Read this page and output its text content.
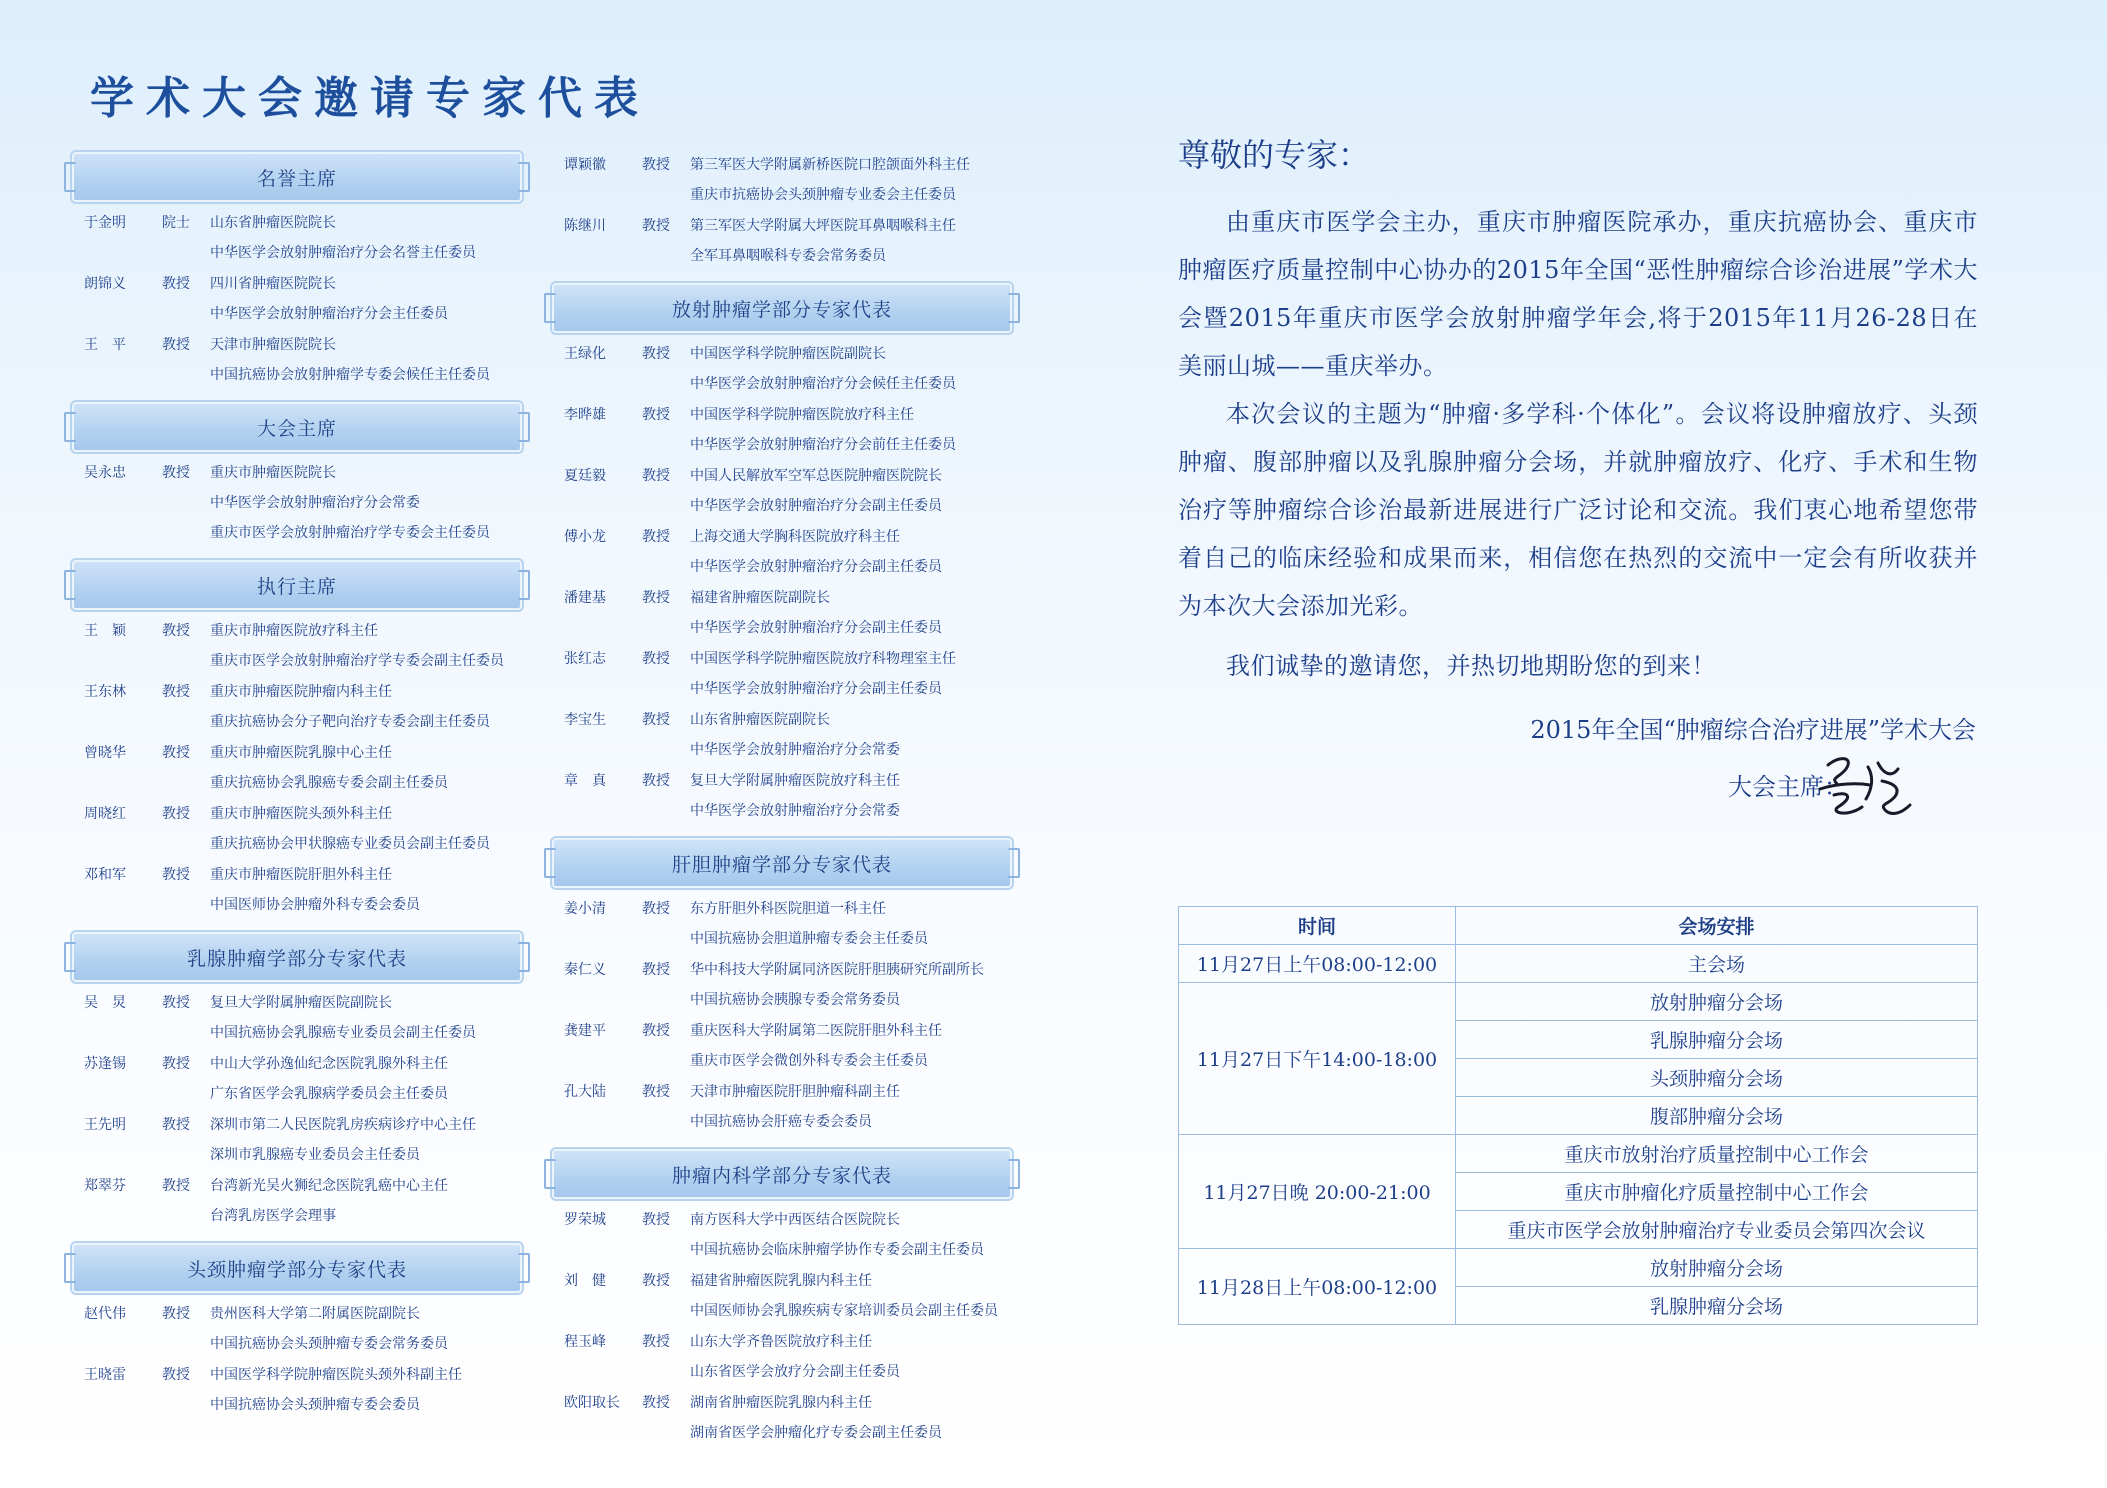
学术大会邀请专家代表
名誉主席
于金明	院士	山东省肿瘤医院院长
中华医学会放射肿瘤治疗分会名誉主任委员
朗锦义	教授	四川省肿瘤医院院长
中华医学会放射肿瘤治疗分会主任委员
王　平	教授	天津市肿瘤医院院长
中国抗癌协会放射肿瘤学专委会候任主任委员
大会主席
吴永忠	教授	重庆市肿瘤医院院长
中华医学会放射肿瘤治疗分会常委
重庆市医学会放射肿瘤治疗学专委会主任委员
执行主席
王　颖	教授	重庆市肿瘤医院放疗科主任
重庆市医学会放射肿瘤治疗学专委会副主任委员
王东林	教授	重庆市肿瘤医院肿瘤内科主任
重庆抗癌协会分子靶向治疗专委会副主任委员
曾晓华	教授	重庆市肿瘤医院乳腺中心主任
重庆抗癌协会乳腺癌专委会副主任委员
周晓红	教授	重庆市肿瘤医院头颈外科主任
重庆抗癌协会甲状腺癌专业委员会副主任委员
邓和军	教授	重庆市肿瘤医院肝胆外科主任
中国医师协会肿瘤外科专委会委员
乳腺肿瘤学部分专家代表
吴　炅	教授	复旦大学附属肿瘤医院副院长
中国抗癌协会乳腺癌专业委员会副主任委员
苏逢锡	教授	中山大学孙逸仙纪念医院乳腺外科主任
广东省医学会乳腺病学委员会主任委员
王先明	教授	深圳市第二人民医院乳房疾病诊疗中心主任
深圳市乳腺癌专业委员会主任委员
郑翠芬	教授	台湾新光吴火狮纪念医院乳癌中心主任
台湾乳房医学会理事
头颈肿瘤学部分专家代表
赵代伟	教授	贵州医科大学第二附属医院副院长
中国抗癌协会头颈肿瘤专委会常务委员
王晓雷	教授	中国医学科学院肿瘤医院头颈外科副主任
中国抗癌协会头颈肿瘤专委会委员
谭颖徽	教授	第三军医大学附属新桥医院口腔颌面外科主任
重庆市抗癌协会头颈肿瘤专业委会主任委员
陈继川	教授	第三军医大学附属大坪医院耳鼻咽喉科主任
全军耳鼻咽喉科专委会常务委员
放射肿瘤学部分专家代表
王绿化	教授	中国医学科学院肿瘤医院副院长
中华医学会放射肿瘤治疗分会候任主任委员
李晔雄	教授	中国医学科学院肿瘤医院放疗科主任
中华医学会放射肿瘤治疗分会前任主任委员
夏廷毅	教授	中国人民解放军空军总医院肿瘤医院院长
中华医学会放射肿瘤治疗分会副主任委员
傅小龙	教授	上海交通大学胸科医院放疗科主任
中华医学会放射肿瘤治疗分会副主任委员
潘建基	教授	福建省肿瘤医院副院长
中华医学会放射肿瘤治疗分会副主任委员
张红志	教授	中国医学科学院肿瘤医院放疗科物理室主任
中华医学会放射肿瘤治疗分会副主任委员
李宝生	教授	山东省肿瘤医院副院长
中华医学会放射肿瘤治疗分会常委
章　真	教授	复旦大学附属肿瘤医院放疗科主任
中华医学会放射肿瘤治疗分会常委
肝胆肿瘤学部分专家代表
姜小清	教授	东方肝胆外科医院胆道一科主任
中国抗癌协会胆道肿瘤专委会主任委员
秦仁义	教授	华中科技大学附属同济医院肝胆胰研究所副所长
中国抗癌协会胰腺专委会常务委员
龚建平	教授	重庆医科大学附属第二医院肝胆外科主任
重庆市医学会微创外科专委会主任委员
孔大陆	教授	天津市肿瘤医院肝胆肿瘤科副主任
中国抗癌协会肝癌专委会委员
肿瘤内科学部分专家代表
罗荣城	教授	南方医科大学中西医结合医院院长
中国抗癌协会临床肿瘤学协作专委会副主任委员
刘　健	教授	福建省肿瘤医院乳腺内科主任
中国医师协会乳腺疾病专家培训委员会副主任委员
程玉峰	教授	山东大学齐鲁医院放疗科主任
山东省医学会放疗分会副主任委员
欧阳取长	教授	湖南省肿瘤医院乳腺内科主任
湖南省医学会肿瘤化疗专委会副主任委员
尊敬的专家：

由重庆市医学会主办，重庆市肿瘤医院承办，重庆抗癌协会、重庆市肿瘤医疗质量控制中心协办的2015年全国“恶性肿瘤综合诊治进展”学术大会暨2015年重庆市医学会放射肿瘤学年会,将于2015年11月26-28日在美丽山城——重庆举办。

本次会议的主题为“肿瘤·多学科·个体化”。会议将设肿瘤放疗、头颈肿瘤、腹部肿瘤以及乳腺肿瘤分会场，并就肿瘤放疗、化疗、手术和生物治疗等肿瘤综合诊治最新进展进行广泛讨论和交流。我们衷心地希望您带着自己的临床经验和成果而来，相信您在热烈的交流中一定会有所收获并为本次大会添加光彩。

我们诚挚的邀请您，并热切地期盼您的到来！

2015年全国“肿瘤综合治疗进展”学术大会

大会主席：
时间	会场安排
11月27日上午08:00-12:00	主会场
11月27日下午14:00-18:00	放射肿瘤分会场
	乳腺肿瘤分会场
	头颈肿瘤分会场
	腹部肿瘤分会场
11月27日晚 20:00-21:00	重庆市放射治疗质量控制中心工作会
	重庆市肿瘤化疗质量控制中心工作会
	重庆市医学会放射肿瘤治疗专业委员会第四次会议
11月28日上午08:00-12:00	放射肿瘤分会场
	乳腺肿瘤分会场
